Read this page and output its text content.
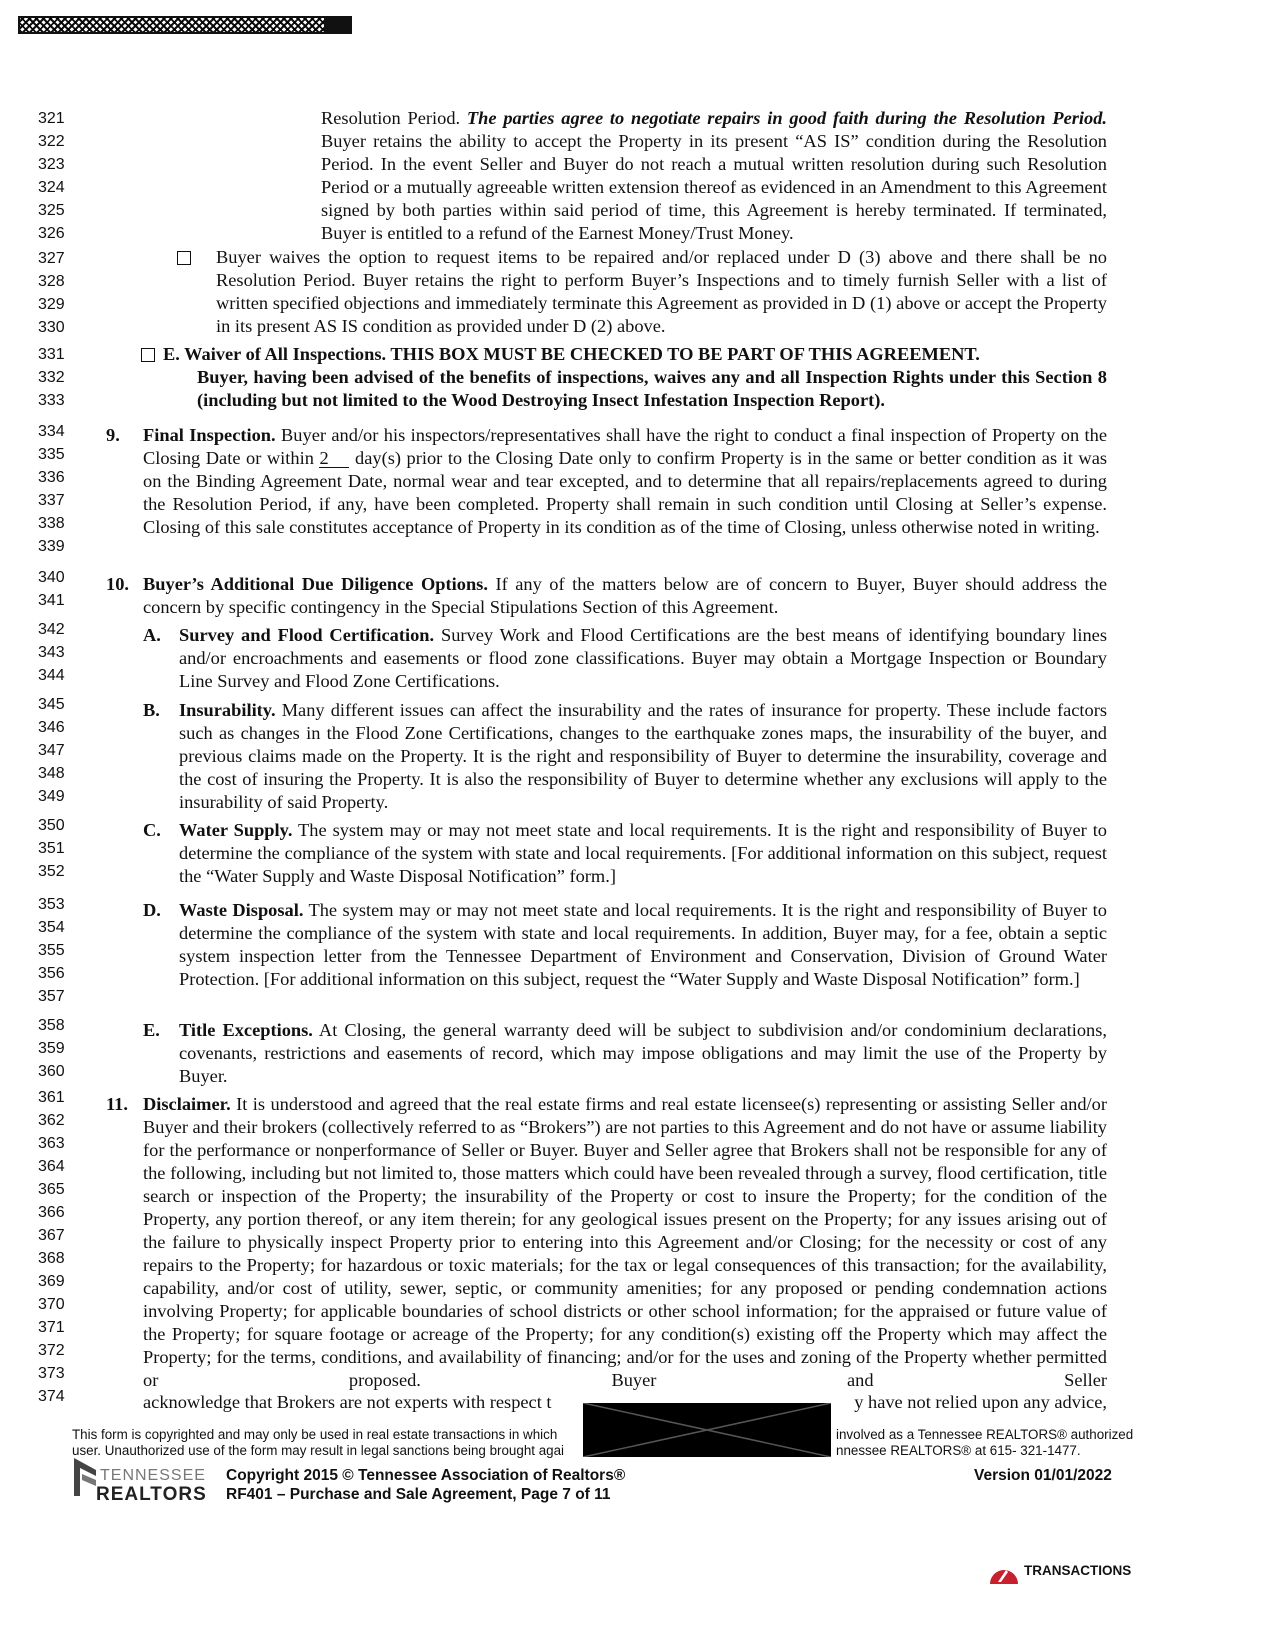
321
322
323
324
325
326
327
328
329
330
331
332
333
334
335
336
337
338
339
340
341
342
343
344
345
346
347
348
349
350
351
352
353
354
355
356
357
358
359
360
361
362
363
364
365
366
367
368
369
370
371
372
373
374
Resolution Period. The parties agree to negotiate repairs in good faith during the Resolution Period. Buyer retains the ability to accept the Property in its present “AS IS” condition during the Resolution Period. In the event Seller and Buyer do not reach a mutual written resolution during such Resolution Period or a mutually agreeable written extension thereof as evidenced in an Amendment to this Agreement signed by both parties within said period of time, this Agreement is hereby terminated. If terminated, Buyer is entitled to a refund of the Earnest Money/Trust Money.
Buyer waives the option to request items to be repaired and/or replaced under D (3) above and there shall be no Resolution Period. Buyer retains the right to perform Buyer’s Inspections and to timely furnish Seller with a list of written specified objections and immediately terminate this Agreement as provided in D (1) above or accept the Property in its present AS IS condition as provided under D (2) above.
E. Waiver of All Inspections. THIS BOX MUST BE CHECKED TO BE PART OF THIS AGREEMENT.
Buyer, having been advised of the benefits of inspections, waives any and all Inspection Rights under this Section 8 (including but not limited to the Wood Destroying Insect Infestation Inspection Report).
9. Final Inspection. Buyer and/or his inspectors/representatives shall have the right to conduct a final inspection of Property on the Closing Date or within 2 day(s) prior to the Closing Date only to confirm Property is in the same or better condition as it was on the Binding Agreement Date, normal wear and tear excepted, and to determine that all repairs/replacements agreed to during the Resolution Period, if any, have been completed. Property shall remain in such condition until Closing at Seller’s expense. Closing of this sale constitutes acceptance of Property in its condition as of the time of Closing, unless otherwise noted in writing.
10. Buyer’s Additional Due Diligence Options. If any of the matters below are of concern to Buyer, Buyer should address the concern by specific contingency in the Special Stipulations Section of this Agreement.
A. Survey and Flood Certification. Survey Work and Flood Certifications are the best means of identifying boundary lines and/or encroachments and easements or flood zone classifications. Buyer may obtain a Mortgage Inspection or Boundary Line Survey and Flood Zone Certifications.
B. Insurability. Many different issues can affect the insurability and the rates of insurance for property. These include factors such as changes in the Flood Zone Certifications, changes to the earthquake zones maps, the insurability of the buyer, and previous claims made on the Property. It is the right and responsibility of Buyer to determine the insurability, coverage and the cost of insuring the Property. It is also the responsibility of Buyer to determine whether any exclusions will apply to the insurability of said Property.
C. Water Supply. The system may or may not meet state and local requirements. It is the right and responsibility of Buyer to determine the compliance of the system with state and local requirements. [For additional information on this subject, request the “Water Supply and Waste Disposal Notification” form.]
D. Waste Disposal. The system may or may not meet state and local requirements. It is the right and responsibility of Buyer to determine the compliance of the system with state and local requirements. In addition, Buyer may, for a fee, obtain a septic system inspection letter from the Tennessee Department of Environment and Conservation, Division of Ground Water Protection. [For additional information on this subject, request the “Water Supply and Waste Disposal Notification” form.]
E. Title Exceptions. At Closing, the general warranty deed will be subject to subdivision and/or condominium declarations, covenants, restrictions and easements of record, which may impose obligations and may limit the use of the Property by Buyer.
11. Disclaimer. It is understood and agreed that the real estate firms and real estate licensee(s) representing or assisting Seller and/or Buyer and their brokers (collectively referred to as “Brokers”) are not parties to this Agreement and do not have or assume liability for the performance or nonperformance of Seller or Buyer. Buyer and Seller agree that Brokers shall not be responsible for any of the following, including but not limited to, those matters which could have been revealed through a survey, flood certification, title search or inspection of the Property; the insurability of the Property or cost to insure the Property; for the condition of the Property, any portion thereof, or any item therein; for any geological issues present on the Property; for any issues arising out of the failure to physically inspect Property prior to entering into this Agreement and/or Closing; for the necessity or cost of any repairs to the Property; for hazardous or toxic materials; for the tax or legal consequences of this transaction; for the availability, capability, and/or cost of utility, sewer, septic, or community amenities; for any proposed or pending condemnation actions involving Property; for applicable boundaries of school districts or other school information; for the appraised or future value of the Property; for square footage or acreage of the Property; for any condition(s) existing off the Property which may affect the Property; for the terms, conditions, and availability of financing; and/or for the uses and zoning of the Property whether permitted or proposed. Buyer and Seller
acknowledge that Brokers are not experts with respect t	y have not relied upon any advice,
This form is copyrighted and may only be used in real estate transactions in which	involved as a Tennessee REALTORS® authorized
user. Unauthorized use of the form may result in legal sanctions being brought agai	nnessee REALTORS® at 615- 321-1477.
TENNESSEE
REALTORS
Copyright 2015 © Tennessee Association of Realtors®
RF401 – Purchase and Sale Agreement, Page 7 of 11
Version 01/01/2022
TRANSACTIONS
